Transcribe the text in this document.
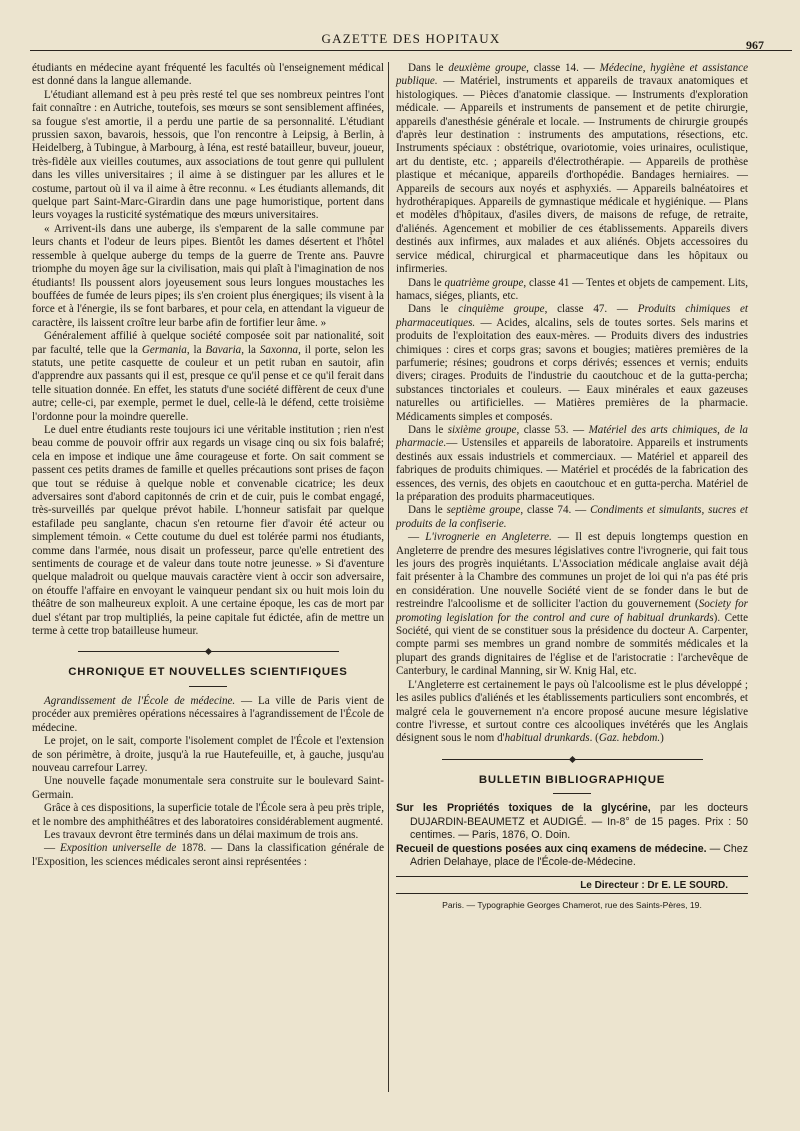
GAZETTE DES HOPITAUX	967

étudiants en médecine ayant fréquenté les facultés où l'enseignement médical est donné dans la langue allemande.

L'étudiant allemand est à peu près resté tel que ses nombreux peintres l'ont fait connaître : en Autriche, toutefois, ses mœurs se sont sensiblement affinées, sa fougue s'est amortie, il a perdu une partie de sa personnalité. L'étudiant prussien saxon, bavarois, hessois, que l'on rencontre à Leipsig, à Berlin, à Heidelberg, à Tubingue, à Marbourg, à Iéna, est resté batailleur, buveur, joueur, très-fidèle aux vieilles coutumes, aux associations de tout genre qui pullulent dans les villes universitaires ; il aime à se distinguer par les allures et le costume, partout où il va il aime à être reconnu. « Les étudiants allemands, dit quelque part Saint-Marc-Girardin dans une page humoristique, portent dans leurs voyages la rusticité systématique des mœurs universitaires.

« Arrivent-ils dans une auberge, ils s'emparent de la salle commune par leurs chants et l'odeur de leurs pipes. Bientôt les dames désertent et l'hôtel ressemble à quelque auberge du temps de la guerre de Trente ans. Pauvre triomphe du moyen âge sur la civilisation, mais qui plaît à l'imagination de nos étudiants! Ils poussent alors joyeusement sous leurs longues moustaches les bouffées de fumée de leurs pipes; ils s'en croient plus énergiques; ils visent à la force et à l'énergie, ils se font barbares, et pour cela, en attendant la vigueur de caractère, ils laissent croître leur barbe afin de fortifier leur âme. »

Généralement affilié à quelque société composée soit par nationalité, soit par faculté, telle que la Germania, la Bavaria, la Saxonna, il porte, selon les statuts, une petite casquette de couleur et un petit ruban en sautoir, afin d'apprendre aux passants qui il est, presque ce qu'il pense et ce qu'il ferait dans telle situation donnée. En effet, les statuts d'une société diffèrent de ceux d'une autre; celle-ci, par exemple, permet le duel, celle-là le défend, cette troisième l'ordonne pour la moindre querelle.

Le duel entre étudiants reste toujours ici une véritable institution ; rien n'est beau comme de pouvoir offrir aux regards un visage cinq ou six fois balafré; cela en impose et indique une âme courageuse et forte. On sait comment se passent ces petits drames de famille et quelles précautions sont prises de façon que tout se réduise à quelque noble et convenable cicatrice; les deux adversaires sont d'abord capitonnés de crin et de cuir, puis le combat engagé, très-surveillés par quelque prévot habile. L'honneur satisfait par quelque estafilade peu sanglante, chacun s'en retourne fier d'avoir été acteur ou simplement témoin. « Cette coutume du duel est tolérée parmi nos étudiants, comme dans l'armée, nous disait un professeur, parce qu'elle entretient des sentiments de courage et de valeur dans toute notre jeunesse. » Si d'aventure quelque maladroit ou quelque mauvais caractère vient à occir son adversaire, on étouffe l'affaire en envoyant le vainqueur pendant six ou huit mois loin du théâtre de son malheureux exploit. A une certaine époque, les cas de mort par duel s'étant par trop multipliés, la peine capitale fut édictée, afin de mettre un terme à cette trop batailleuse humeur.

CHRONIQUE ET NOUVELLES SCIENTIFIQUES

Agrandissement de l'École de médecine. — La ville de Paris vient de procéder aux premières opérations nécessaires à l'agrandissement de l'École de médecine.

Le projet, on le sait, comporte l'isolement complet de l'École et l'extension de son périmètre, à droite, jusqu'à la rue Hautefeuille, et, à gauche, jusqu'au nouveau carrefour Larrey.

Une nouvelle façade monumentale sera construite sur le boulevard Saint-Germain.

Grâce à ces dispositions, la superficie totale de l'École sera à peu près triple, et le nombre des amphithéâtres et des laboratoires considérablement augmenté.

Les travaux devront être terminés dans un délai maximum de trois ans.

— Exposition universelle de 1878. — Dans la classification générale de l'Exposition, les sciences médicales seront ainsi représentées :

Dans le deuxième groupe, classe 14. — Médecine, hygiène et assistance publique. — Matériel, instruments et appareils de travaux anatomiques et histologiques. — Pièces d'anatomie classique. — Instruments d'exploration médicale. — Appareils et instruments de pansement et de petite chirurgie, appareils d'anesthésie générale et locale. — Instruments de chirurgie groupés d'après leur destination : instruments des amputations, résections, etc. Instruments spéciaux : obstétrique, ovariotomie, voies urinaires, oculistique, art du dentiste, etc. ; appareils d'électrothérapie. — Appareils de prothèse plastique et mécanique, appareils d'orthopédie. Bandages herniaires. — Appareils de secours aux noyés et asphyxiés. — Appareils balnéatoires et hydrothérapiques. Appareils de gymnastique médicale et hygiénique. — Plans et modèles d'hôpitaux, d'asiles divers, de maisons de refuge, de retraite, d'aliénés. Agencement et mobilier de ces établissements. Appareils divers destinés aux infirmes, aux malades et aux aliénés. Objets accessoires du service médical, chirurgical et pharmaceutique dans les hôpitaux ou infirmeries.

Dans le quatrième groupe, classe 41 — Tentes et objets de campement. Lits, hamacs, siéges, pliants, etc.

Dans le cinquième groupe, classe 47. — Produits chimiques et pharmaceutiques. — Acides, alcalins, sels de toutes sortes. Sels marins et produits de l'exploitation des eaux-mères. — Produits divers des industries chimiques : cires et corps gras; savons et bougies; matières premières de la parfumerie; résines; goudrons et corps dérivés; essences et vernis; enduits divers; cirages. Produits de l'industrie du caoutchouc et de la gutta-percha; substances tinctoriales et couleurs. — Eaux minérales et eaux gazeuses naturelles ou artificielles. — Matières premières de la pharmacie. Médicaments simples et composés.

Dans le sixième groupe, classe 53. — Matériel des arts chimiques, de la pharmacie.— Ustensiles et appareils de laboratoire. Appareils et instruments destinés aux essais industriels et commerciaux. — Matériel et appareil des fabriques de produits chimiques. — Matériel et procédés de la fabrication des essences, des vernis, des objets en caoutchouc et en gutta-percha. Matériel de la préparation des produits pharmaceutiques.

Dans le septième groupe, classe 74. — Condiments et simulants, sucres et produits de la confiserie.

— L'ivrognerie en Angleterre. — Il est depuis longtemps question en Angleterre de prendre des mesures législatives contre l'ivrognerie, qui fait tous les jours des progrès inquiétants. L'Association médicale anglaise avait déjà fait présenter à la Chambre des communes un projet de loi qui n'a pas été pris en considération. Une nouvelle Société vient de se fonder dans le but de restreindre l'alcoolisme et de solliciter l'action du gouvernement (Society for promoting legislation for the control and cure of habitual drunkards). Cette Société, qui vient de se constituer sous la présidence du docteur A. Carpenter, compte parmi ses membres un grand nombre de sommités médicales et la plupart des grands dignitaires de l'église et de l'aristocratie : l'archevêque de Canterbury, le cardinal Manning, sir W. Knig Hal, etc.

L'Angleterre est certainement le pays où l'alcoolisme est le plus développé ; les asiles publics d'aliénés et les établissements particuliers sont encombrés, et malgré cela le gouvernement n'a encore proposé aucune mesure législative contre l'ivresse, et surtout contre ces alcooliques invétérés que les Anglais désignent sous le nom d'habitual drunkards. (Gaz. hebdom.)

BULLETIN BIBLIOGRAPHIQUE

Sur les Propriétés toxiques de la glycérine, par les docteurs DUJARDIN-BEAUMETZ et AUDIGÉ. — In-8° de 15 pages. Prix : 50 centimes. — Paris, 1876, O. Doin.

Recueil de questions posées aux cinq examens de médecine. — Chez Adrien Delahaye, place de l'École-de-Médecine.

Le Directeur : Dr E. LE SOURD.
Paris. — Typographie Georges Chamerot, rue des Saints-Pères, 19.
